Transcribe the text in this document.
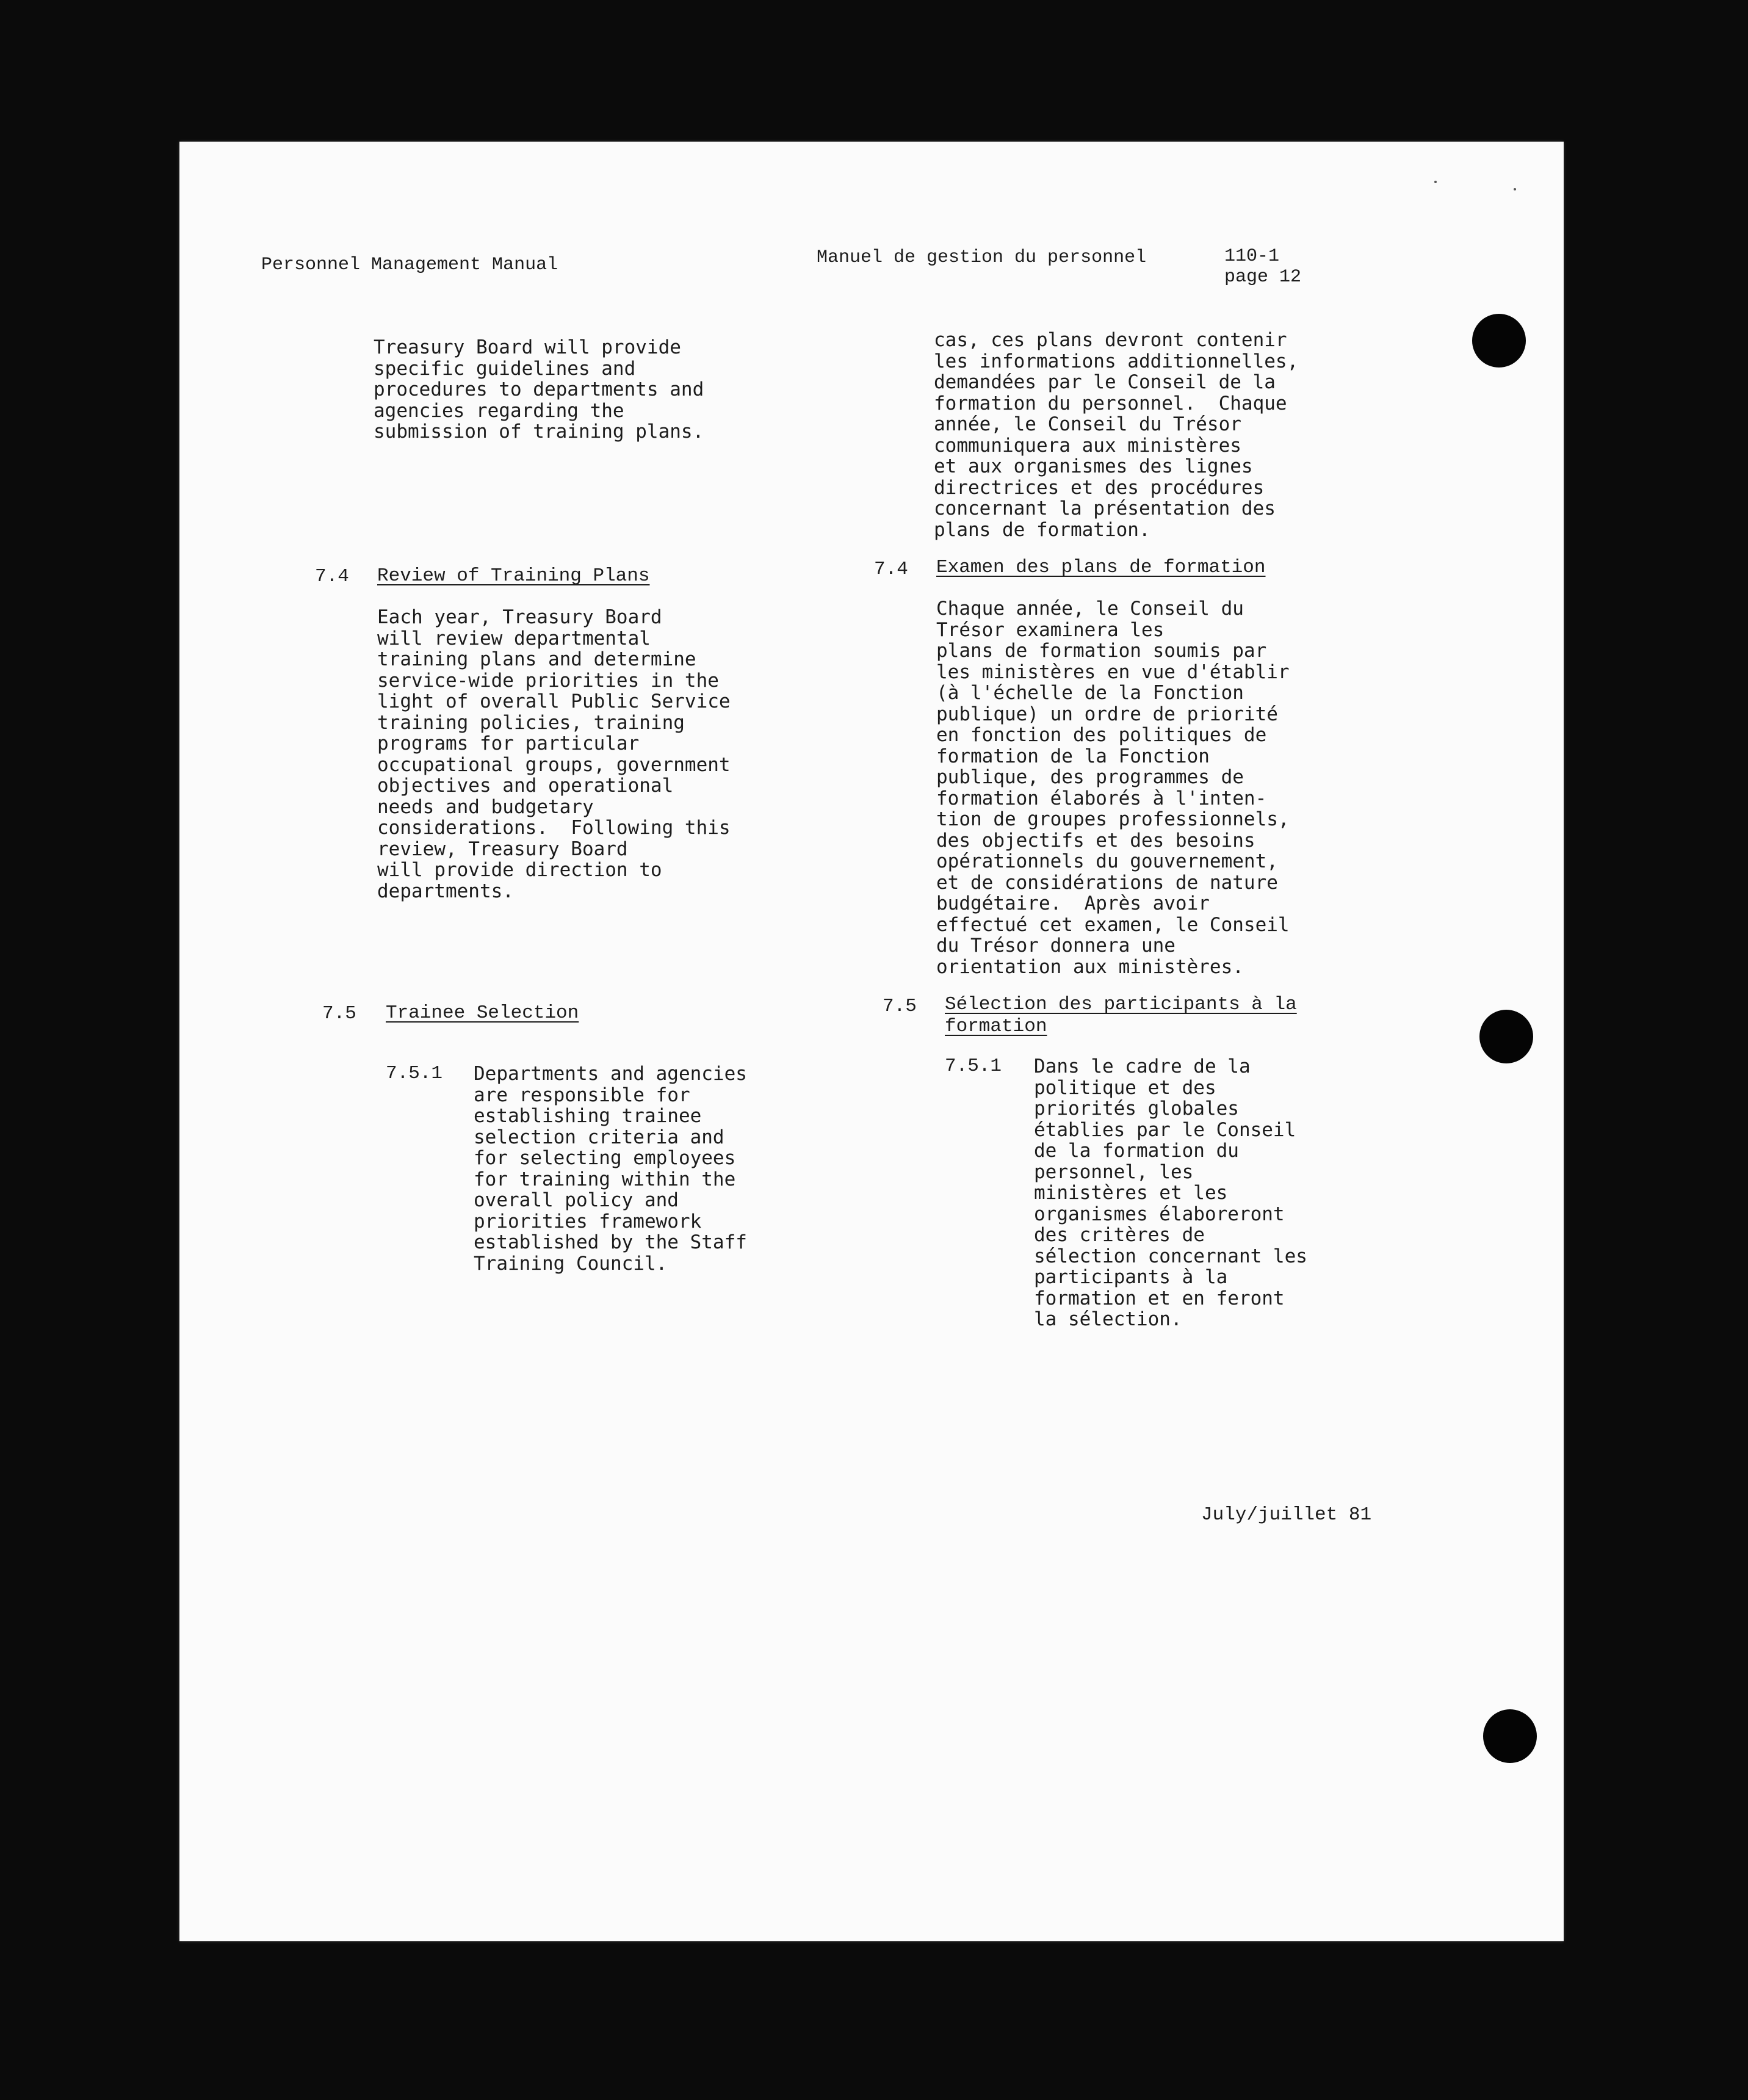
Personnel Management Manual	Manuel de gestion du personnel	110-1
page 12
Treasury Board will provide
specific guidelines and
procedures to departments and
agencies regarding the
submission of training plans.
7.4 Review of Training Plans
Each year, Treasury Board
will review departmental
training plans and determine
service-wide priorities in the
light of overall Public Service
training policies, training
programs for particular
occupational groups, government
objectives and operational
needs and budgetary
considerations.  Following this
review, Treasury Board
will provide direction to
departments.
7.5 Trainee Selection
7.5.1 Departments and agencies
are responsible for
establishing trainee
selection criteria and
for selecting employees
for training within the
overall policy and
priorities framework
established by the Staff
Training Council.
cas, ces plans devront contenir
les informations additionnelles,
demandées par le Conseil de la
formation du personnel.  Chaque
année, le Conseil du Trésor
communiquera aux ministères
et aux organismes des lignes
directrices et des procédures
concernant la présentation des
plans de formation.
7.4 Examen des plans de formation
Chaque année, le Conseil du
Trésor examinera les
plans de formation soumis par
les ministères en vue d'établir
(à l'échelle de la Fonction
publique) un ordre de priorité
en fonction des politiques de
formation de la Fonction
publique, des programmes de
formation élaborés à l'inten-
tion de groupes professionnels,
des objectifs et des besoins
opérationnels du gouvernement,
et de considérations de nature
budgétaire.  Après avoir
effectué cet examen, le Conseil
du Trésor donnera une
orientation aux ministères.
7.5 Sélection des participants à la
formation
7.5.1 Dans le cadre de la
politique et des
priorités globales
établies par le Conseil
de la formation du
personnel, les
ministères et les
organismes élaboreront
des critères de
sélection concernant les
participants à la
formation et en feront
la sélection.
July/juillet 81
